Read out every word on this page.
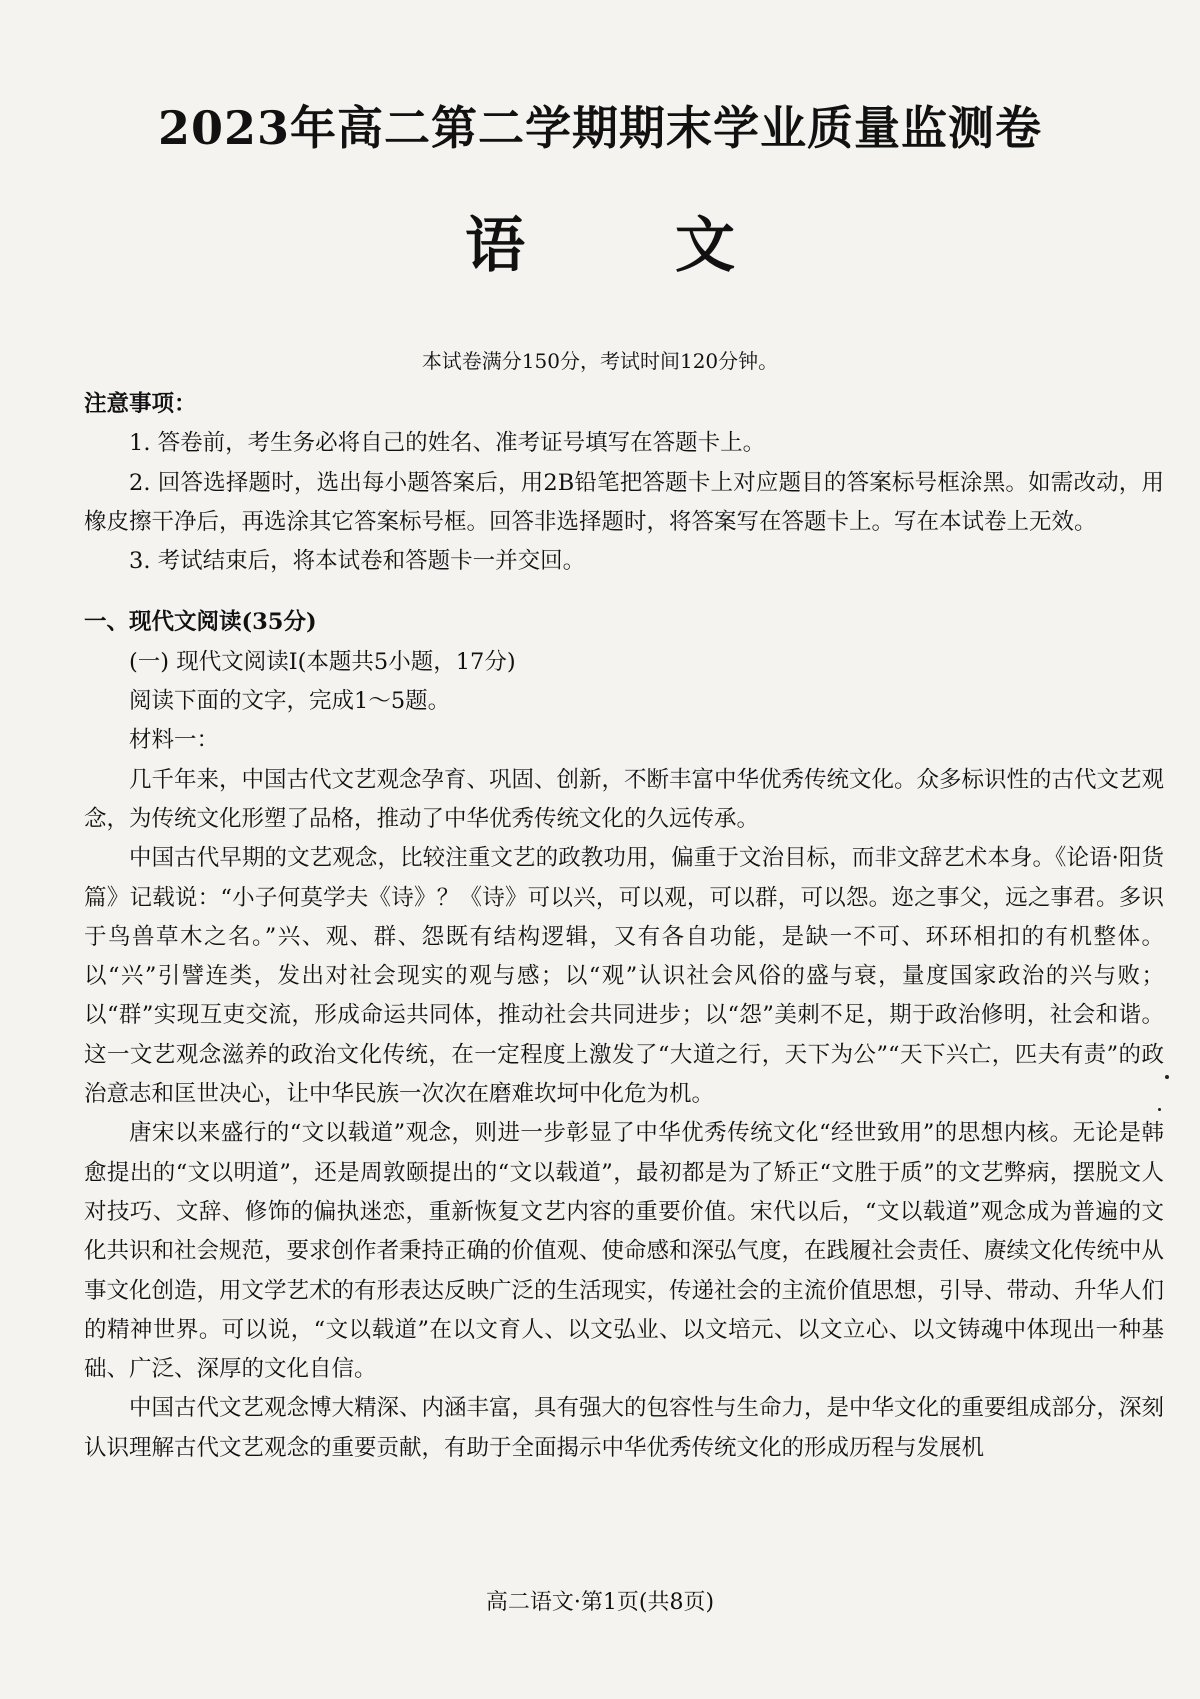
2023年高二第二学期期末学业质量监测卷
语文

本试卷满分150分，考试时间120分钟。

注意事项：

1. 答卷前，考生务必将自己的姓名、准考证号填写在答题卡上。

2. 回答选择题时，选出每小题答案后，用2B铅笔把答题卡上对应题目的答案标号框涂黑。如需改动，用橡皮擦干净后，再选涂其它答案标号框。回答非选择题时，将答案写在答题卡上。写在本试卷上无效。

3. 考试结束后，将本试卷和答题卡一并交回。

一、现代文阅读(35分)

(一) 现代文阅读Ⅰ(本题共5小题，17分)

阅读下面的文字，完成1～5题。

材料一：

几千年来，中国古代文艺观念孕育、巩固、创新，不断丰富中华优秀传统文化。众多标识性的古代文艺观念，为传统文化形塑了品格，推动了中华优秀传统文化的久远传承。

中国古代早期的文艺观念，比较注重文艺的政教功用，偏重于文治目标，而非文辞艺术本身。《论语·阳货篇》记载说：“小子何莫学夫《诗》？《诗》可以兴，可以观，可以群，可以怨。迩之事父，远之事君。多识于鸟兽草木之名。”兴、观、群、怨既有结构逻辑，又有各自功能，是缺一不可、环环相扣的有机整体。以“兴”引譬连类，发出对社会现实的观与感；以“观”认识社会风俗的盛与衰，量度国家政治的兴与败；以“群”实现互吏交流，形成命运共同体，推动社会共同进步；以“怨”美刺不足，期于政治修明，社会和谐。这一文艺观念滋养的政治文化传统，在一定程度上激发了“大道之行，天下为公”“天下兴亡，匹夫有责”的政治意志和匡世决心，让中华民族一次次在磨难坎坷中化危为机。

唐宋以来盛行的“文以载道”观念，则进一步彰显了中华优秀传统文化“经世致用”的思想内核。无论是韩愈提出的“文以明道”，还是周敦颐提出的“文以载道”，最初都是为了矫正“文胜于质”的文艺弊病，摆脱文人对技巧、文辞、修饰的偏执迷恋，重新恢复文艺内容的重要价值。宋代以后，“文以载道”观念成为普遍的文化共识和社会规范，要求创作者秉持正确的价值观、使命感和深弘气度，在践履社会责任、赓续文化传统中从事文化创造，用文学艺术的有形表达反映广泛的生活现实，传递社会的主流价值思想，引导、带动、升华人们的精神世界。可以说，“文以载道”在以文育人、以文弘业、以文培元、以文立心、以文铸魂中体现出一种基础、广泛、深厚的文化自信。

中国古代文艺观念博大精深、内涵丰富，具有强大的包容性与生命力，是中华文化的重要组成部分，深刻认识理解古代文艺观念的重要贡献，有助于全面揭示中华优秀传统文化的形成历程与发展机

高二语文·第1页(共8页)
